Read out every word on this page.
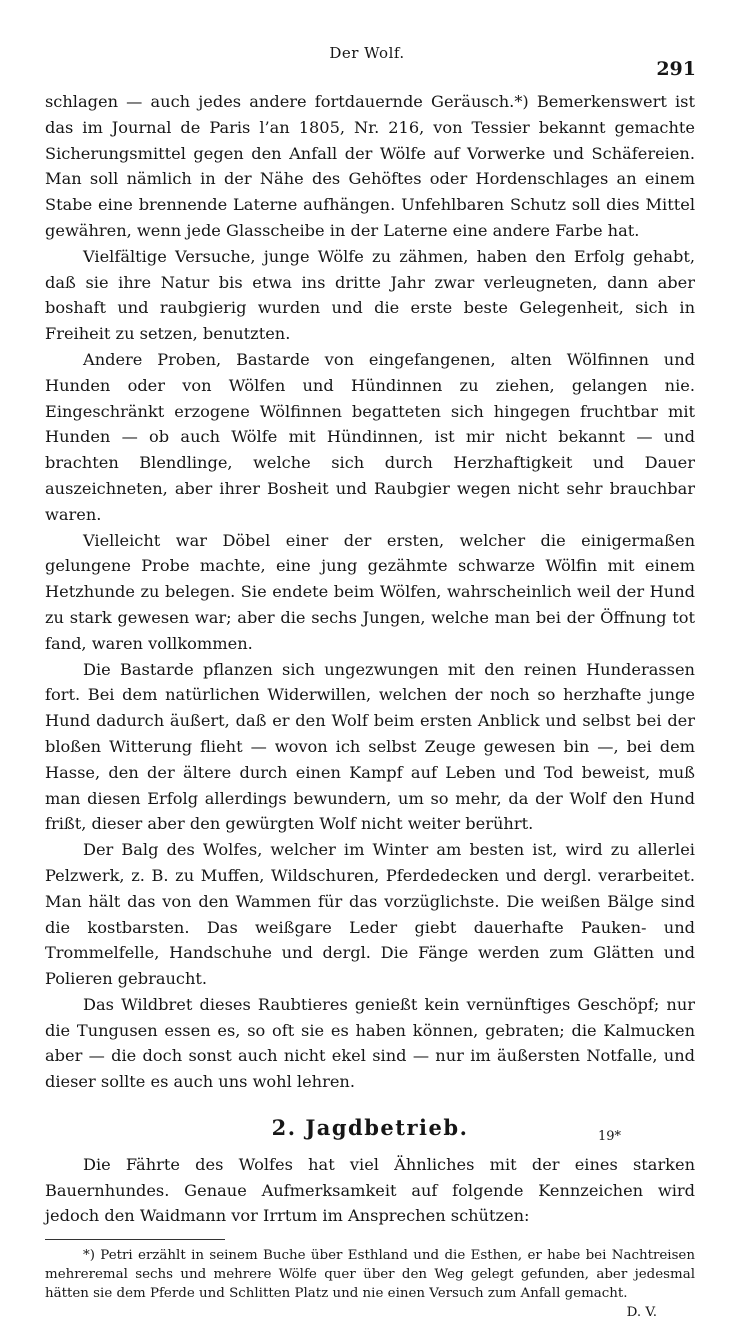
Der Wolf.
291

schlagen — auch jedes andere fortdauernde Geräusch.*) Bemerkenswert ist das im Journal de Paris l’an 1805, Nr. 216, von Tessier bekannt gemachte Sicherungsmittel gegen den Anfall der Wölfe auf Vorwerke und Schäfereien. Man soll nämlich in der Nähe des Gehöftes oder Hordenschlages an einem Stabe eine brennende Laterne aufhängen. Unfehlbaren Schutz soll dies Mittel gewähren, wenn jede Glasscheibe in der Laterne eine andere Farbe hat.

Vielfältige Versuche, junge Wölfe zu zähmen, haben den Erfolg gehabt, daß sie ihre Natur bis etwa ins dritte Jahr zwar verleugneten, dann aber boshaft und raubgierig wurden und die erste beste Gelegenheit, sich in Freiheit zu setzen, benutzten.

Andere Proben, Bastarde von eingefangenen, alten Wölfinnen und Hunden oder von Wölfen und Hündinnen zu ziehen, gelangen nie. Eingeschränkt erzogene Wölfinnen begatteten sich hingegen fruchtbar mit Hunden — ob auch Wölfe mit Hündinnen, ist mir nicht bekannt — und brachten Blendlinge, welche sich durch Herzhaftigkeit und Dauer auszeichneten, aber ihrer Bosheit und Raubgier wegen nicht sehr brauchbar waren.

Vielleicht war Döbel einer der ersten, welcher die einigermaßen gelungene Probe machte, eine jung gezähmte schwarze Wölfin mit einem Hetzhunde zu belegen. Sie endete beim Wölfen, wahrscheinlich weil der Hund zu stark gewesen war; aber die sechs Jungen, welche man bei der Öffnung tot fand, waren vollkommen.

Die Bastarde pflanzen sich ungezwungen mit den reinen Hunderassen fort. Bei dem natürlichen Widerwillen, welchen der noch so herzhafte junge Hund dadurch äußert, daß er den Wolf beim ersten Anblick und selbst bei der bloßen Witterung flieht — wovon ich selbst Zeuge gewesen bin —, bei dem Hasse, den der ältere durch einen Kampf auf Leben und Tod beweist, muß man diesen Erfolg allerdings bewundern, um so mehr, da der Wolf den Hund frißt, dieser aber den gewürgten Wolf nicht weiter berührt.

Der Balg des Wolfes, welcher im Winter am besten ist, wird zu allerlei Pelzwerk, z. B. zu Muffen, Wildschuren, Pferdedecken und dergl. verarbeitet. Man hält das von den Wammen für das vorzüglichste. Die weißen Bälge sind die kostbarsten. Das weißgare Leder giebt dauerhafte Pauken- und Trommelfelle, Handschuhe und dergl. Die Fänge werden zum Glätten und Polieren gebraucht.

Das Wildbret dieses Raubtieres genießt kein vernünftiges Geschöpf; nur die Tungusen essen es, so oft sie es haben können, gebraten; die Kalmucken aber — die doch sonst auch nicht ekel sind — nur im äußersten Notfalle, und dieser sollte es auch uns wohl lehren.

2. Jagdbetrieb.

Die Fährte des Wolfes hat viel Ähnliches mit der eines starken Bauernhundes. Genaue Aufmerksamkeit auf folgende Kennzeichen wird jedoch den Waidmann vor Irrtum im Ansprechen schützen:

*) Petri erzählt in seinem Buche über Esthland und die Esthen, er habe bei Nachtreisen mehreremal sechs und mehrere Wölfe quer über den Weg gelegt gefunden, aber jedesmal hätten sie dem Pferde und Schlitten Platz und nie einen Versuch zum Anfall gemacht.

D. V.
19*
